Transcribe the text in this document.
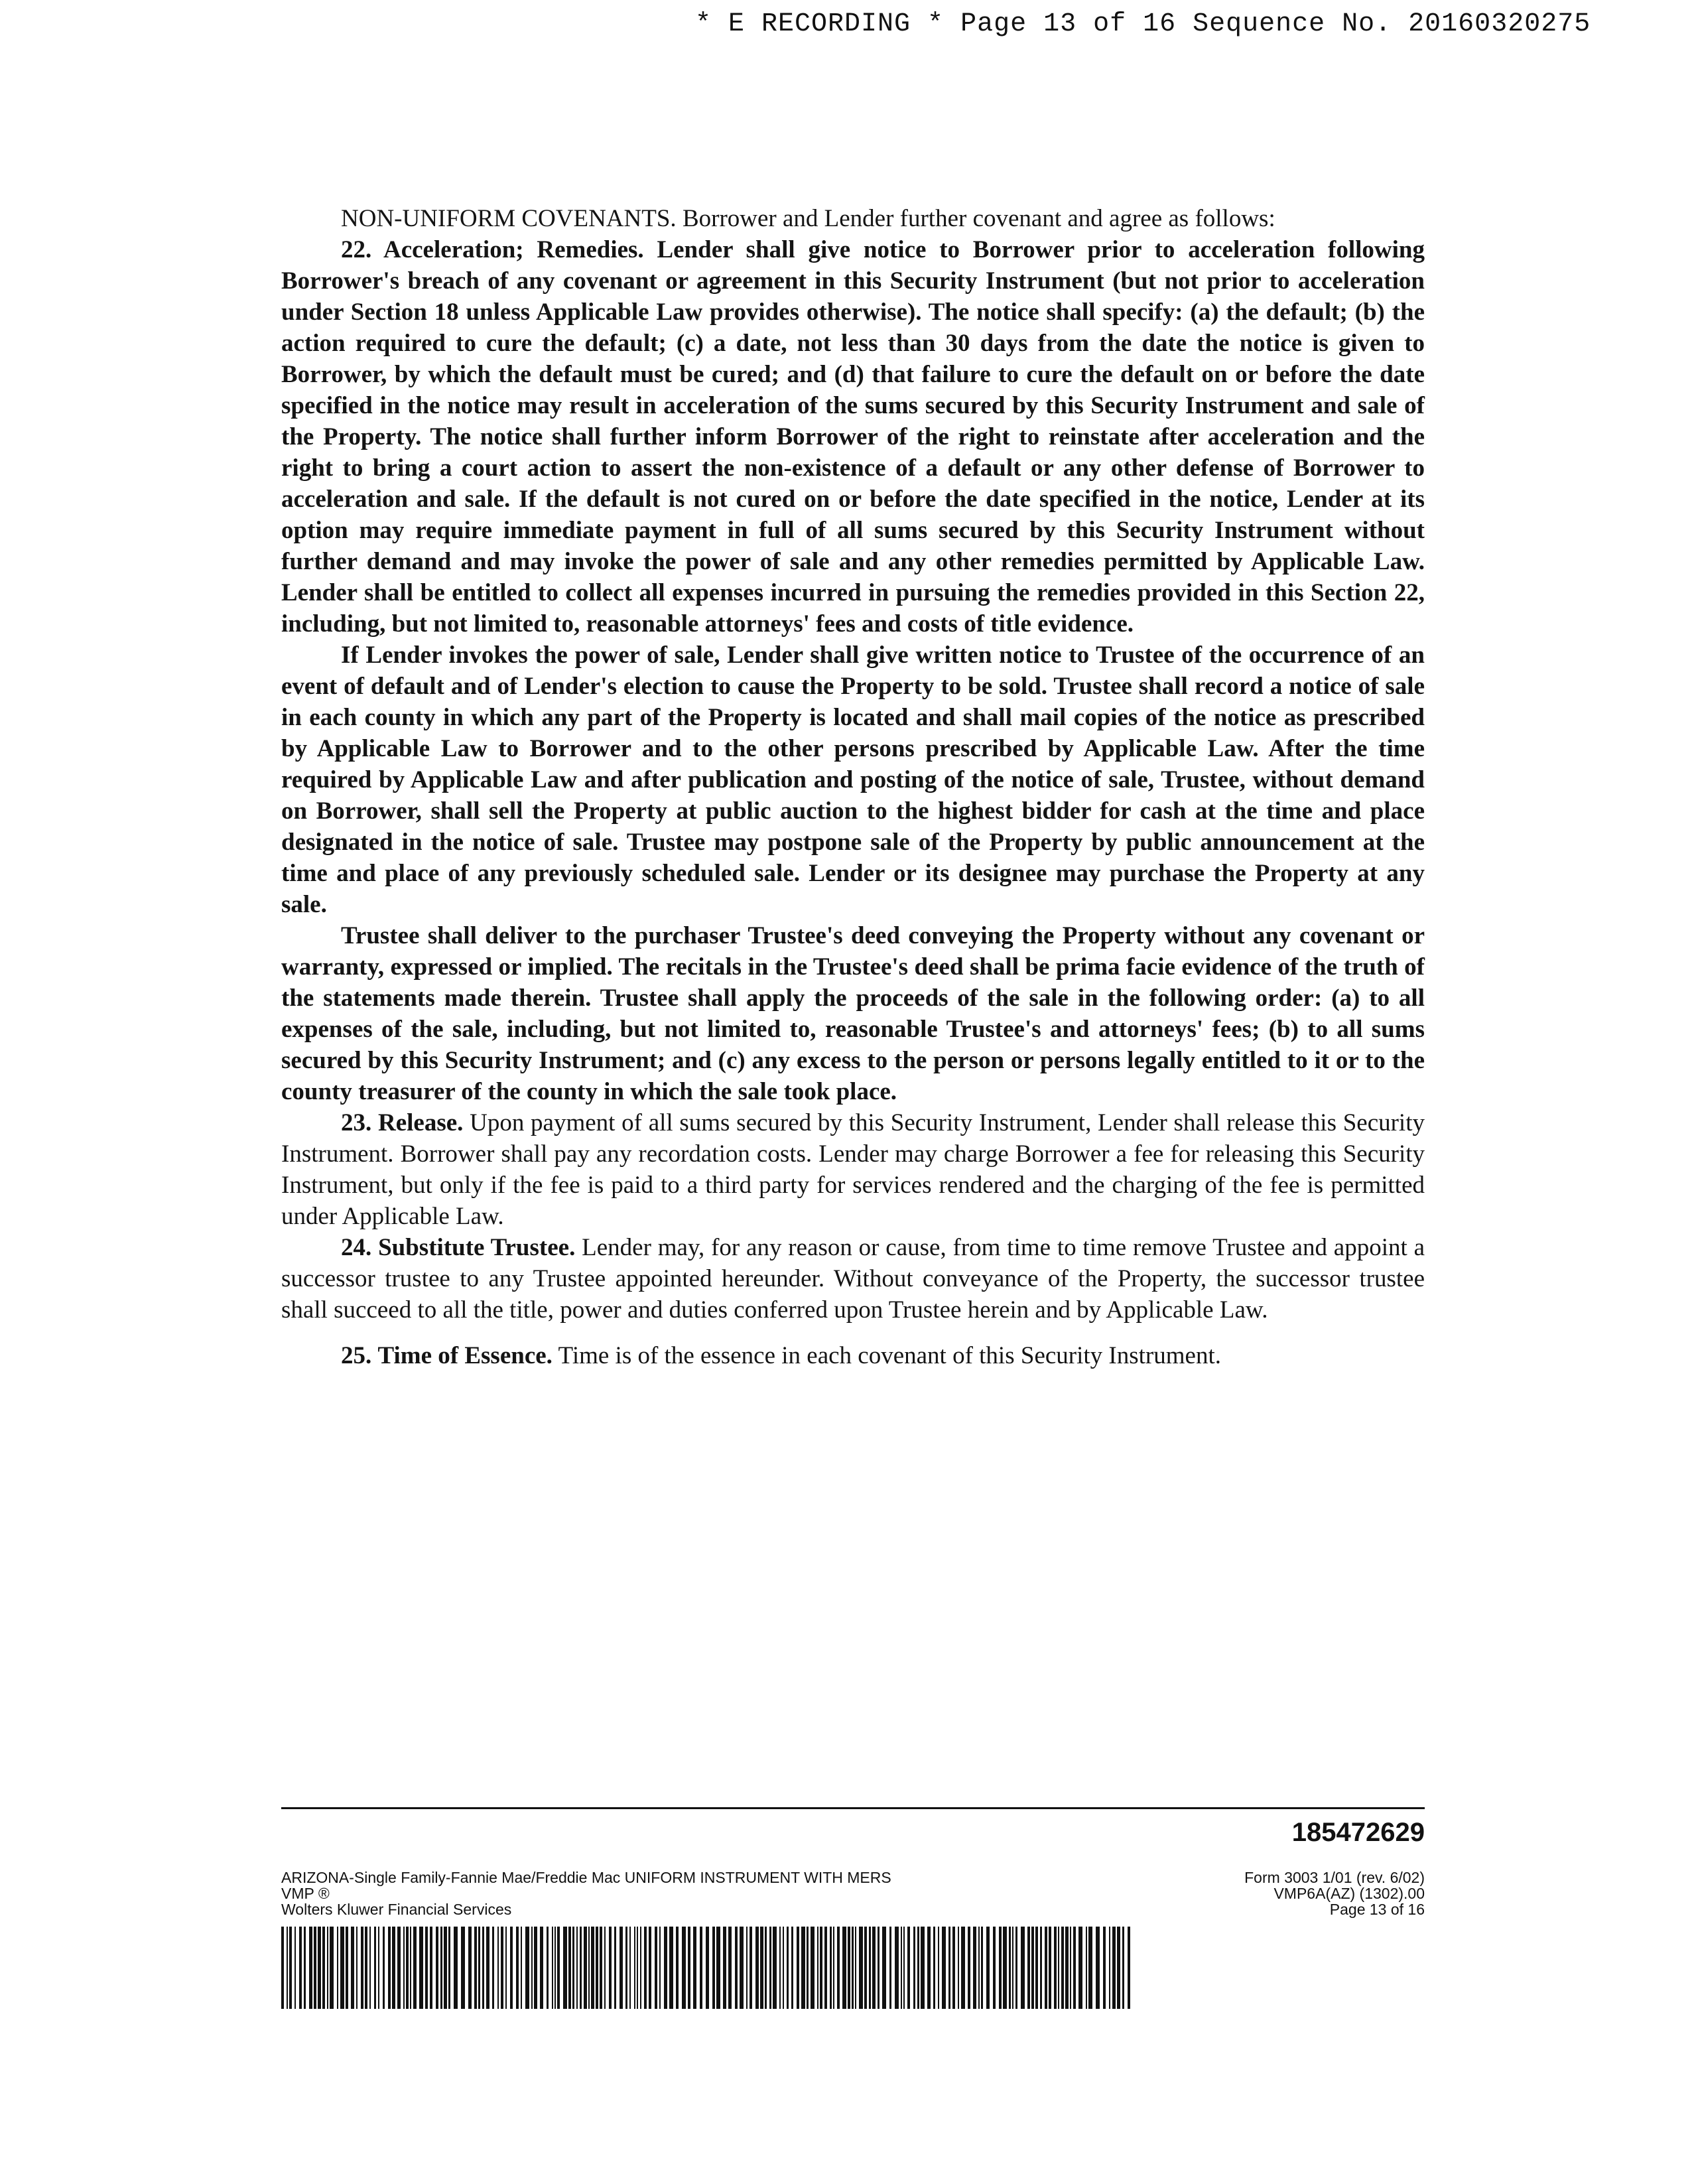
* E RECORDING * Page 13 of 16 Sequence No. 20160320275

NON-UNIFORM COVENANTS. Borrower and Lender further covenant and agree as follows:

22. Acceleration; Remedies. Lender shall give notice to Borrower prior to acceleration following Borrower's breach of any covenant or agreement in this Security Instrument (but not prior to acceleration under Section 18 unless Applicable Law provides otherwise). The notice shall specify: (a) the default; (b) the action required to cure the default; (c) a date, not less than 30 days from the date the notice is given to Borrower, by which the default must be cured; and (d) that failure to cure the default on or before the date specified in the notice may result in acceleration of the sums secured by this Security Instrument and sale of the Property. The notice shall further inform Borrower of the right to reinstate after acceleration and the right to bring a court action to assert the non-existence of a default or any other defense of Borrower to acceleration and sale. If the default is not cured on or before the date specified in the notice, Lender at its option may require immediate payment in full of all sums secured by this Security Instrument without further demand and may invoke the power of sale and any other remedies permitted by Applicable Law. Lender shall be entitled to collect all expenses incurred in pursuing the remedies provided in this Section 22, including, but not limited to, reasonable attorneys' fees and costs of title evidence.

If Lender invokes the power of sale, Lender shall give written notice to Trustee of the occurrence of an event of default and of Lender's election to cause the Property to be sold. Trustee shall record a notice of sale in each county in which any part of the Property is located and shall mail copies of the notice as prescribed by Applicable Law to Borrower and to the other persons prescribed by Applicable Law. After the time required by Applicable Law and after publication and posting of the notice of sale, Trustee, without demand on Borrower, shall sell the Property at public auction to the highest bidder for cash at the time and place designated in the notice of sale. Trustee may postpone sale of the Property by public announcement at the time and place of any previously scheduled sale. Lender or its designee may purchase the Property at any sale.

Trustee shall deliver to the purchaser Trustee's deed conveying the Property without any covenant or warranty, expressed or implied. The recitals in the Trustee's deed shall be prima facie evidence of the truth of the statements made therein. Trustee shall apply the proceeds of the sale in the following order: (a) to all expenses of the sale, including, but not limited to, reasonable Trustee's and attorneys' fees; (b) to all sums secured by this Security Instrument; and (c) any excess to the person or persons legally entitled to it or to the county treasurer of the county in which the sale took place.

23. Release. Upon payment of all sums secured by this Security Instrument, Lender shall release this Security Instrument. Borrower shall pay any recordation costs. Lender may charge Borrower a fee for releasing this Security Instrument, but only if the fee is paid to a third party for services rendered and the charging of the fee is permitted under Applicable Law.

24. Substitute Trustee. Lender may, for any reason or cause, from time to time remove Trustee and appoint a successor trustee to any Trustee appointed hereunder. Without conveyance of the Property, the successor trustee shall succeed to all the title, power and duties conferred upon Trustee herein and by Applicable Law.

25. Time of Essence. Time is of the essence in each covenant of this Security Instrument.

185472629
ARIZONA-Single Family-Fannie Mae/Freddie Mac UNIFORM INSTRUMENT WITH MERS
VMP ®
Wolters Kluwer Financial Services
Form 3003 1/01 (rev. 6/02)
VMP6A(AZ) (1302).00
Page 13 of 16
